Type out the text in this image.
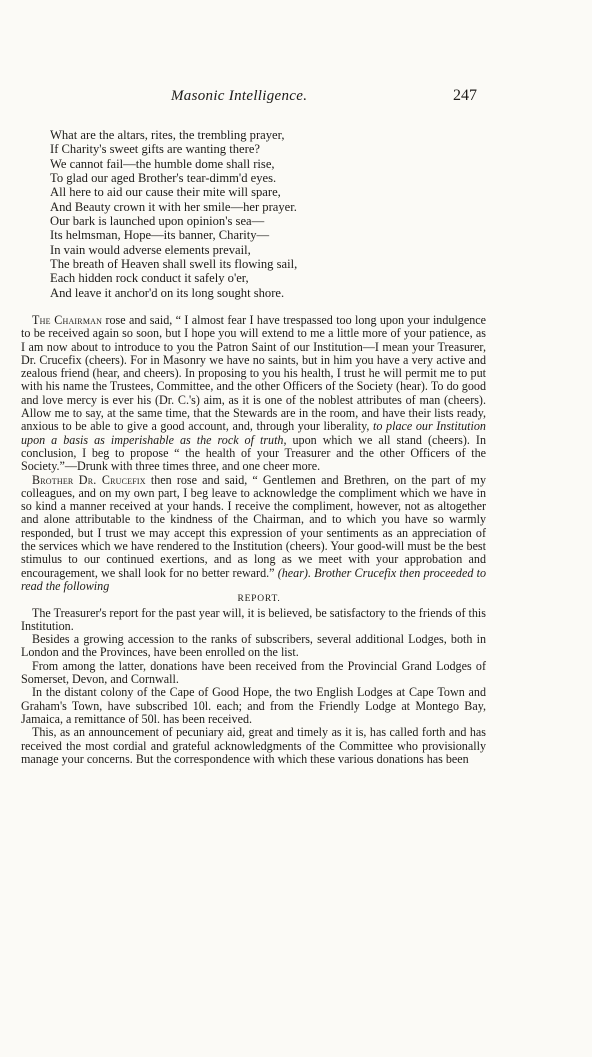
Masonic Intelligence.	247
What are the altars, rites, the trembling prayer,
If Charity's sweet gifts are wanting there?
We cannot fail—the humble dome shall rise,
To glad our aged Brother's tear-dimm'd eyes.
All here to aid our cause their mite will spare,
And Beauty crown it with her smile—her prayer.
Our bark is launched upon opinion's sea—
Its helmsman, Hope—its banner, Charity—
In vain would adverse elements prevail,
The breath of Heaven shall swell its flowing sail,
Each hidden rock conduct it safely o'er,
And leave it anchor'd on its long sought shore.

The Chairman rose and said, “ I almost fear I have trespassed too long upon your indulgence to be received again so soon, but I hope you will extend to me a little more of your patience, as I am now about to introduce to you the Patron Saint of our Institution—I mean your Treasurer, Dr. Crucefix (cheers). For in Masonry we have no saints, but in him you have a very active and zealous friend (hear, and cheers). In proposing to you his health, I trust he will permit me to put with his name the Trustees, Committee, and the other Officers of the Society (hear). To do good and love mercy is ever his (Dr. C.'s) aim, as it is one of the noblest attributes of man (cheers). Allow me to say, at the same time, that the Stewards are in the room, and have their lists ready, anxious to be able to give a good account, and, through your liberality, to place our Institution upon a basis as imperishable as the rock of truth, upon which we all stand (cheers). In conclusion, I beg to propose “ the health of your Treasurer and the other Officers of the Society.”—Drunk with three times three, and one cheer more.

Brother Dr. Crucefix then rose and said, “ Gentlemen and Brethren, on the part of my colleagues, and on my own part, I beg leave to acknowledge the compliment which we have in so kind a manner received at your hands. I receive the compliment, however, not as altogether and alone attributable to the kindness of the Chairman, and to which you have so warmly responded, but I trust we may accept this expression of your sentiments as an appreciation of the services which we have rendered to the Institution (cheers). Your good-will must be the best stimulus to our continued exertions, and as long as we meet with your approbation and encouragement, we shall look for no better reward.” (hear). Brother Crucefix then proceeded to read the following

REPORT.

The Treasurer's report for the past year will, it is believed, be satisfactory to the friends of this Institution.

Besides a growing accession to the ranks of subscribers, several additional Lodges, both in London and the Provinces, have been enrolled on the list.

From among the latter, donations have been received from the Provincial Grand Lodges of Somerset, Devon, and Cornwall.

In the distant colony of the Cape of Good Hope, the two English Lodges at Cape Town and Graham's Town, have subscribed 10l. each; and from the Friendly Lodge at Montego Bay, Jamaica, a remittance of 50l. has been received.

This, as an announcement of pecuniary aid, great and timely as it is, has called forth and has received the most cordial and grateful acknowledgments of the Committee who provisionally manage your concerns. But the correspondence with which these various donations has been
